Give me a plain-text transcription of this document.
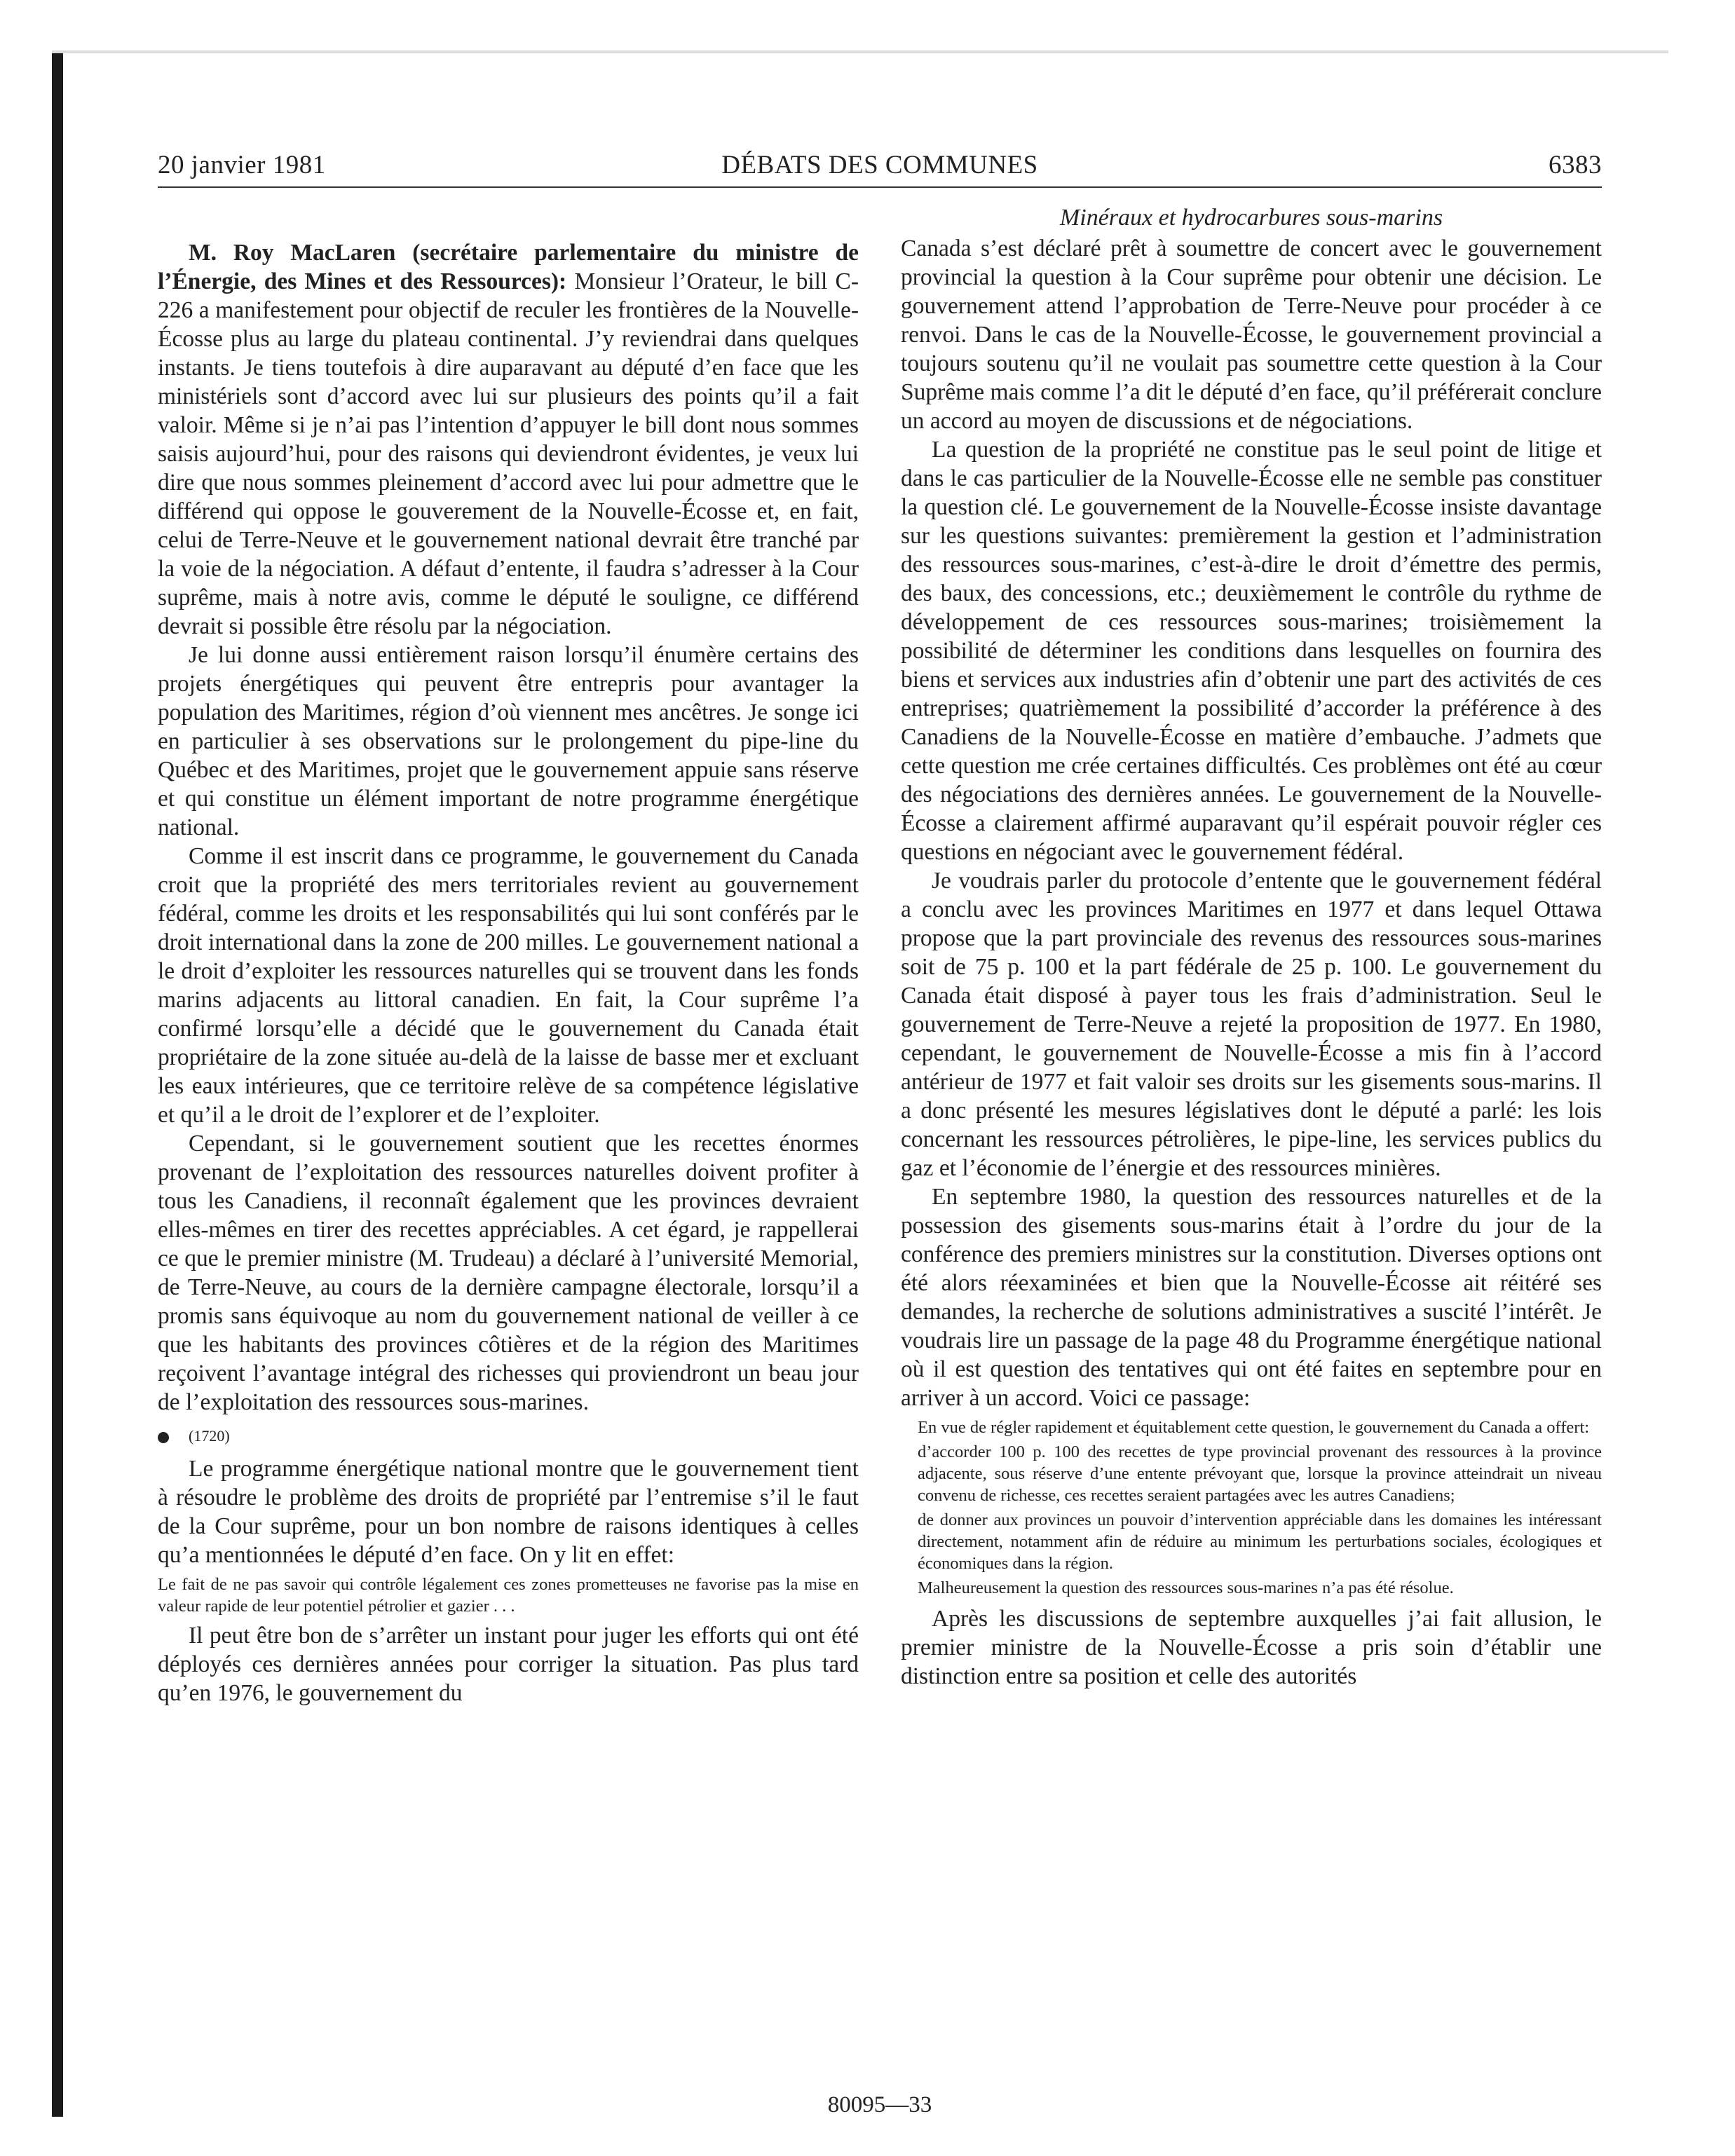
20 janvier 1981	DÉBATS DES COMMUNES	6383

M. Roy MacLaren (secrétaire parlementaire du ministre de l’Énergie, des Mines et des Ressources): Monsieur l’Orateur, le bill C-226 a manifestement pour objectif de reculer les frontières de la Nouvelle-Écosse plus au large du plateau continental. J’y reviendrai dans quelques instants. Je tiens toutefois à dire auparavant au député d’en face que les ministériels sont d’accord avec lui sur plusieurs des points qu’il a fait valoir. Même si je n’ai pas l’intention d’appuyer le bill dont nous sommes saisis aujourd’hui, pour des raisons qui deviendront évidentes, je veux lui dire que nous sommes pleinement d’accord avec lui pour admettre que le différend qui oppose le gouverement de la Nouvelle-Écosse et, en fait, celui de Terre-Neuve et le gouvernement national devrait être tranché par la voie de la négociation. A défaut d’entente, il faudra s’adresser à la Cour suprême, mais à notre avis, comme le député le souligne, ce différend devrait si possible être résolu par la négociation.

Je lui donne aussi entièrement raison lorsqu’il énumère certains des projets énergétiques qui peuvent être entrepris pour avantager la population des Maritimes, région d’où viennent mes ancêtres. Je songe ici en particulier à ses observations sur le prolongement du pipe-line du Québec et des Maritimes, projet que le gouvernement appuie sans réserve et qui constitue un élément important de notre programme énergétique national.

Comme il est inscrit dans ce programme, le gouvernement du Canada croit que la propriété des mers territoriales revient au gouvernement fédéral, comme les droits et les responsabilités qui lui sont conférés par le droit international dans la zone de 200 milles. Le gouvernement national a le droit d’exploiter les ressources naturelles qui se trouvent dans les fonds marins adjacents au littoral canadien. En fait, la Cour suprême l’a confirmé lorsqu’elle a décidé que le gouvernement du Canada était propriétaire de la zone située au-delà de la laisse de basse mer et excluant les eaux intérieures, que ce territoire relève de sa compétence législative et qu’il a le droit de l’explorer et de l’exploiter.

Cependant, si le gouvernement soutient que les recettes énormes provenant de l’exploitation des ressources naturelles doivent profiter à tous les Canadiens, il reconnaît également que les provinces devraient elles-mêmes en tirer des recettes appréciables. A cet égard, je rappellerai ce que le premier ministre (M. Trudeau) a déclaré à l’université Memorial, de Terre-Neuve, au cours de la dernière campagne électorale, lorsqu’il a promis sans équivoque au nom du gouvernement national de veiller à ce que les habitants des provinces côtières et de la région des Maritimes reçoivent l’avantage intégral des richesses qui proviendront un beau jour de l’exploitation des ressources sous-marines.

(1720)

Le programme énergétique national montre que le gouvernement tient à résoudre le problème des droits de propriété par l’entremise s’il le faut de la Cour suprême, pour un bon nombre de raisons identiques à celles qu’a mentionnées le député d’en face. On y lit en effet:

Le fait de ne pas savoir qui contrôle légalement ces zones prometteuses ne favorise pas la mise en valeur rapide de leur potentiel pétrolier et gazier . . .

Il peut être bon de s’arrêter un instant pour juger les efforts qui ont été déployés ces dernières années pour corriger la situation. Pas plus tard qu’en 1976, le gouvernement du

Minéraux et hydrocarbures sous-marins

Canada s’est déclaré prêt à soumettre de concert avec le gouvernement provincial la question à la Cour suprême pour obtenir une décision. Le gouvernement attend l’approbation de Terre-Neuve pour procéder à ce renvoi. Dans le cas de la Nouvelle-Écosse, le gouvernement provincial a toujours soutenu qu’il ne voulait pas soumettre cette question à la Cour Suprême mais comme l’a dit le député d’en face, qu’il préférerait conclure un accord au moyen de discussions et de négociations.

La question de la propriété ne constitue pas le seul point de litige et dans le cas particulier de la Nouvelle-Écosse elle ne semble pas constituer la question clé. Le gouvernement de la Nouvelle-Écosse insiste davantage sur les questions suivantes: premièrement la gestion et l’administration des ressources sous-marines, c’est-à-dire le droit d’émettre des permis, des baux, des concessions, etc.; deuxièmement le contrôle du rythme de développement de ces ressources sous-marines; troisièmement la possibilité de déterminer les conditions dans lesquelles on fournira des biens et services aux industries afin d’obtenir une part des activités de ces entreprises; quatrièmement la possibilité d’accorder la préférence à des Canadiens de la Nouvelle-Écosse en matière d’embauche. J’admets que cette question me crée certaines difficultés. Ces problèmes ont été au cœur des négociations des dernières années. Le gouvernement de la Nouvelle-Écosse a clairement affirmé auparavant qu’il espérait pouvoir régler ces questions en négociant avec le gouvernement fédéral.

Je voudrais parler du protocole d’entente que le gouvernement fédéral a conclu avec les provinces Maritimes en 1977 et dans lequel Ottawa propose que la part provinciale des revenus des ressources sous-marines soit de 75 p. 100 et la part fédérale de 25 p. 100. Le gouvernement du Canada était disposé à payer tous les frais d’administration. Seul le gouvernement de Terre-Neuve a rejeté la proposition de 1977. En 1980, cependant, le gouvernement de Nouvelle-Écosse a mis fin à l’accord antérieur de 1977 et fait valoir ses droits sur les gisements sous-marins. Il a donc présenté les mesures législatives dont le député a parlé: les lois concernant les ressources pétrolières, le pipe-line, les services publics du gaz et l’économie de l’énergie et des ressources minières.

En septembre 1980, la question des ressources naturelles et de la possession des gisements sous-marins était à l’ordre du jour de la conférence des premiers ministres sur la constitution. Diverses options ont été alors réexaminées et bien que la Nouvelle-Écosse ait réitéré ses demandes, la recherche de solutions administratives a suscité l’intérêt. Je voudrais lire un passage de la page 48 du Programme énergétique national où il est question des tentatives qui ont été faites en septembre pour en arriver à un accord. Voici ce passage:

En vue de régler rapidement et équitablement cette question, le gouvernement du Canada a offert:

d’accorder 100 p. 100 des recettes de type provincial provenant des ressources à la province adjacente, sous réserve d’une entente prévoyant que, lorsque la province atteindrait un niveau convenu de richesse, ces recettes seraient partagées avec les autres Canadiens;

de donner aux provinces un pouvoir d’intervention appréciable dans les domaines les intéressant directement, notamment afin de réduire au minimum les perturbations sociales, écologiques et économiques dans la région.

Malheureusement la question des ressources sous-marines n’a pas été résolue.

Après les discussions de septembre auxquelles j’ai fait allusion, le premier ministre de la Nouvelle-Écosse a pris soin d’établir une distinction entre sa position et celle des autorités

80095—33
